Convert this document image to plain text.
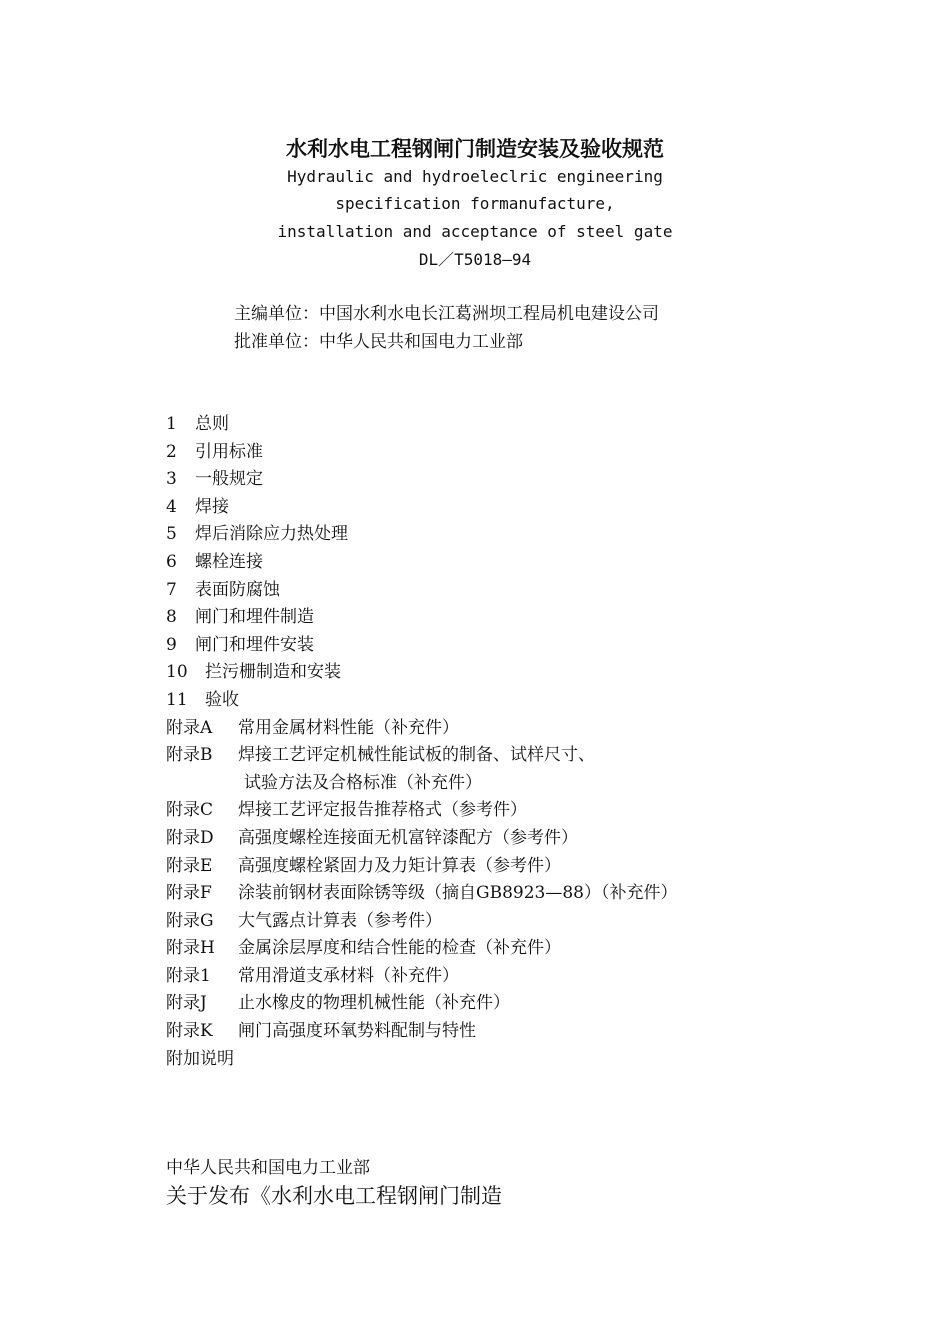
水利水电工程钢闸门制造安装及验收规范
Hydraulic and hydroeleclric engineering
specification formanufacture,
installation and acceptance of steel gate
DL／T5018—94
主编单位：中国水利水电长江葛洲坝工程局机电建设公司
批准单位：中华人民共和国电力工业部
1 总则
2 引用标准
3 一般规定
4 焊接
5 焊后消除应力热处理
6 螺栓连接
7 表面防腐蚀
8 闸门和埋件制造
9 闸门和埋件安装
10 拦污栅制造和安装
11 验收
附录A 常用金属材料性能（补充件）
附录B 焊接工艺评定机械性能试板的制备、试样尺寸、
试验方法及合格标准（补充件）
附录C 焊接工艺评定报告推荐格式（参考件）
附录D 高强度螺栓连接面无机富锌漆配方（参考件）
附录E 高强度螺栓紧固力及力矩计算表（参考件）
附录F 涂装前钢材表面除锈等级（摘自GB8923—88）（补充件）
附录G 大气露点计算表（参考件）
附录H 金属涂层厚度和结合性能的检查（补充件）
附录1 常用滑道支承材料（补充件）
附录J 止水橡皮的物理机械性能（补充件）
附录K 闸门高强度环氧势料配制与特性
附加说明
中华人民共和国电力工业部
关于发布《水利水电工程钢闸门制造
